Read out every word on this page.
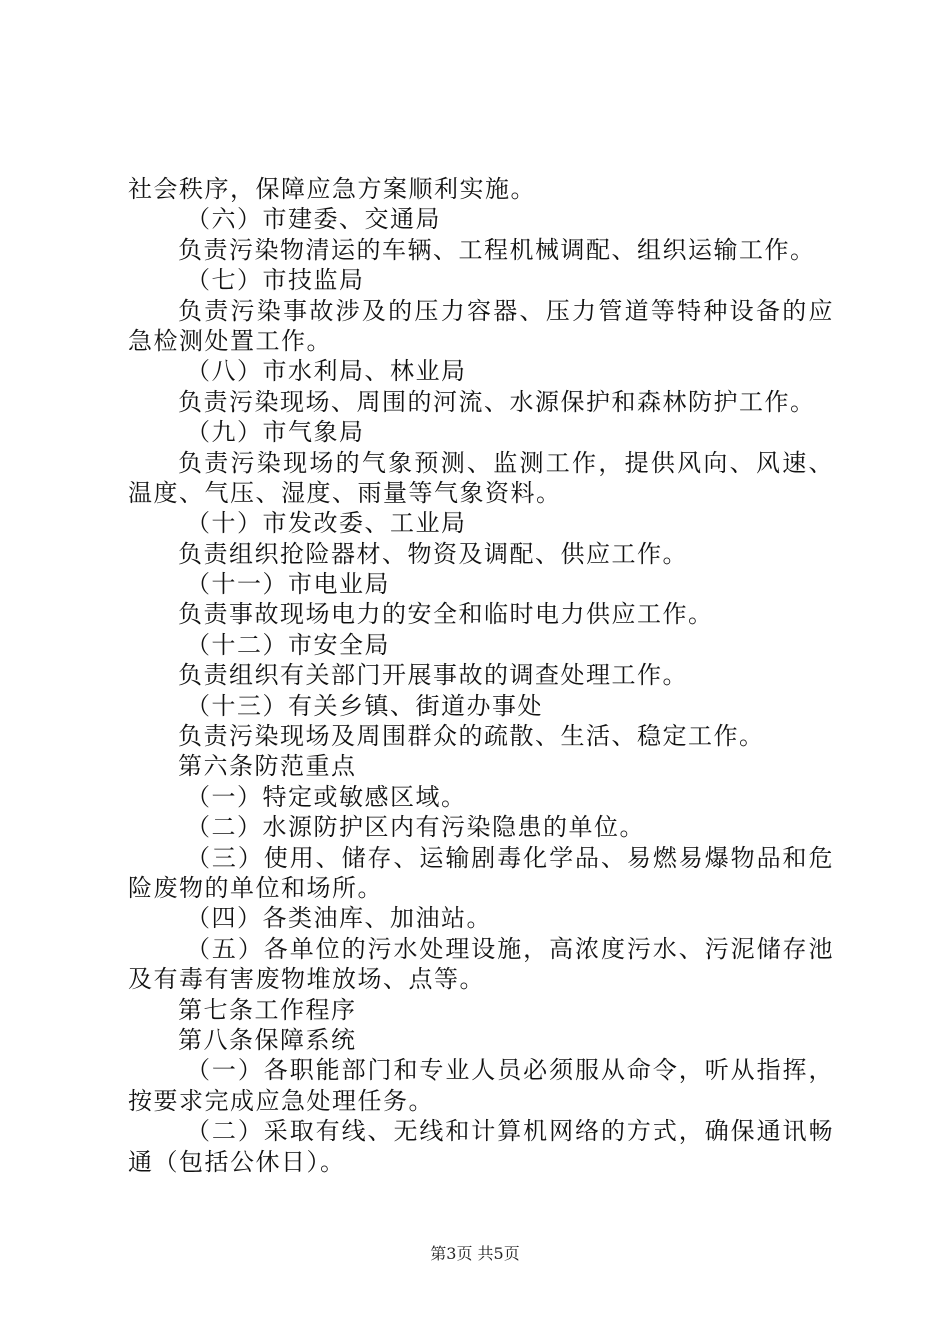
社会秩序，保障应急方案顺利实施。
（六）市建委、交通局
负责污染物清运的车辆、工程机械调配、组织运输工作。
（七）市技监局
负责污染事故涉及的压力容器、压力管道等特种设备的应
急检测处置工作。
（八）市水利局、林业局
负责污染现场、周围的河流、水源保护和森林防护工作。
（九）市气象局
负责污染现场的气象预测、监测工作，提供风向、风速、
温度、气压、湿度、雨量等气象资料。
（十）市发改委、工业局
负责组织抢险器材、物资及调配、供应工作。
（十一）市电业局
负责事故现场电力的安全和临时电力供应工作。
（十二）市安全局
负责组织有关部门开展事故的调查处理工作。
（十三）有关乡镇、街道办事处
负责污染现场及周围群众的疏散、生活、稳定工作。
第六条防范重点
（一）特定或敏感区域。
（二）水源防护区内有污染隐患的单位。
（三）使用、储存、运输剧毒化学品、易燃易爆物品和危
险废物的单位和场所。
（四）各类油库、加油站。
（五）各单位的污水处理设施，高浓度污水、污泥储存池
及有毒有害废物堆放场、点等。
第七条工作程序
第八条保障系统
（一）各职能部门和专业人员必须服从命令，听从指挥，
按要求完成应急处理任务。
（二）采取有线、无线和计算机网络的方式，确保通讯畅
通（包括公休日）。
第3页 共5页
